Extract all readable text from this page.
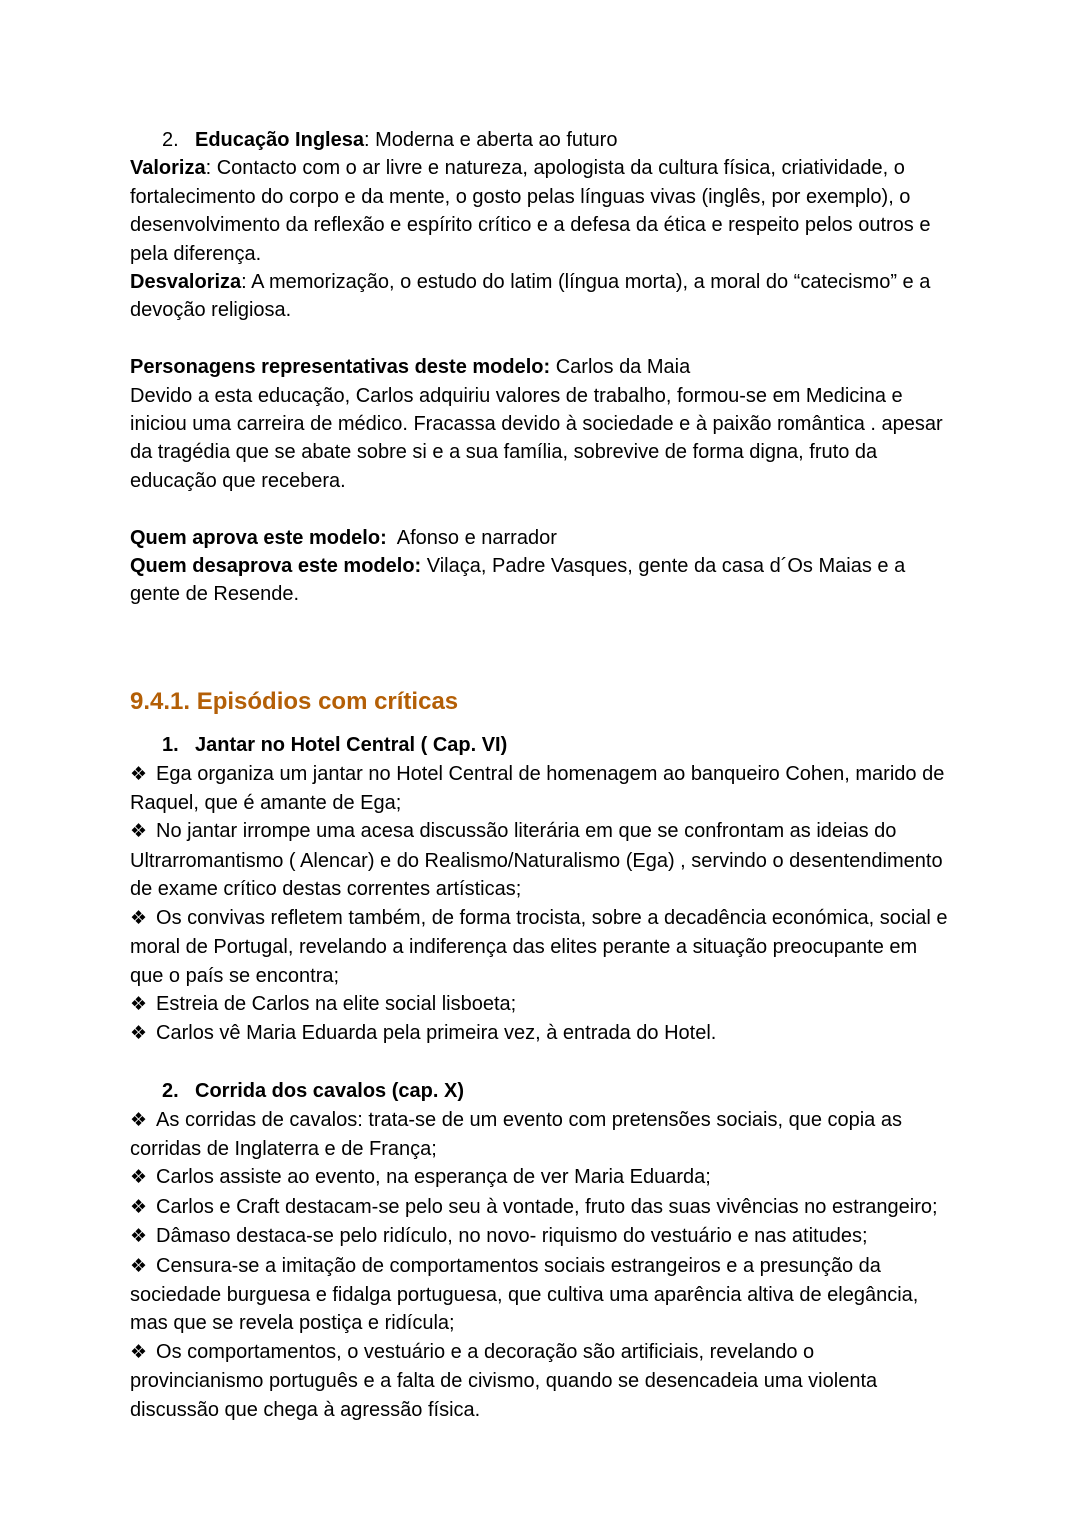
2. Educação Inglesa: Moderna e aberta ao futuro

Valoriza: Contacto com o ar livre e natureza, apologista da cultura física, criatividade, o fortalecimento do corpo e da mente, o gosto pelas línguas vivas (inglês, por exemplo), o desenvolvimento da reflexão e espírito crítico e a defesa da ética e respeito pelos outros e pela diferença.

Desvaloriza: A memorização, o estudo do latim (língua morta), a moral do “catecismo” e a devoção religiosa.

Personagens representativas deste modelo: Carlos da Maia

Devido a esta educação, Carlos adquiriu valores de trabalho, formou-se em Medicina e iniciou uma carreira de médico. Fracassa devido à sociedade e à paixão romântica . apesar da tragédia que se abate sobre si e a sua família, sobrevive de forma digna, fruto da educação que recebera.

Quem aprova este modelo:  Afonso e narrador

Quem desaprova este modelo: Vilaça, Padre Vasques, gente da casa d´Os Maias e a gente de Resende.

9.4.1. Episódios com críticas

1. Jantar no Hotel Central ( Cap. VI)

❖ Ega organiza um jantar no Hotel Central de homenagem ao banqueiro Cohen, marido de Raquel, que é amante de Ega;

❖ No jantar irrompe uma acesa discussão literária em que se confrontam as ideias do Ultrarromantismo ( Alencar) e do Realismo/Naturalismo (Ega) , servindo o desentendimento de exame crítico destas correntes artísticas;

❖ Os convivas refletem também, de forma trocista, sobre a decadência económica, social e moral de Portugal, revelando a indiferença das elites perante a situação preocupante em que o país se encontra;

❖ Estreia de Carlos na elite social lisboeta;

❖ Carlos vê Maria Eduarda pela primeira vez, à entrada do Hotel.

2. Corrida dos cavalos (cap. X)

❖ As corridas de cavalos: trata-se de um evento com pretensões sociais, que copia as corridas de Inglaterra e de França;

❖ Carlos assiste ao evento, na esperança de ver Maria Eduarda;

❖ Carlos e Craft destacam-se pelo seu à vontade, fruto das suas vivências no estrangeiro;

❖ Dâmaso destaca-se pelo ridículo, no novo- riquismo do vestuário e nas atitudes;

❖ Censura-se a imitação de comportamentos sociais estrangeiros e a presunção da sociedade burguesa e fidalga portuguesa, que cultiva uma aparência altiva de elegância, mas que se revela postiça e ridícula;

❖ Os comportamentos, o vestuário e a decoração são artificiais, revelando o provincianismo português e a falta de civismo, quando se desencadeia uma violenta discussão que chega à agressão física.
